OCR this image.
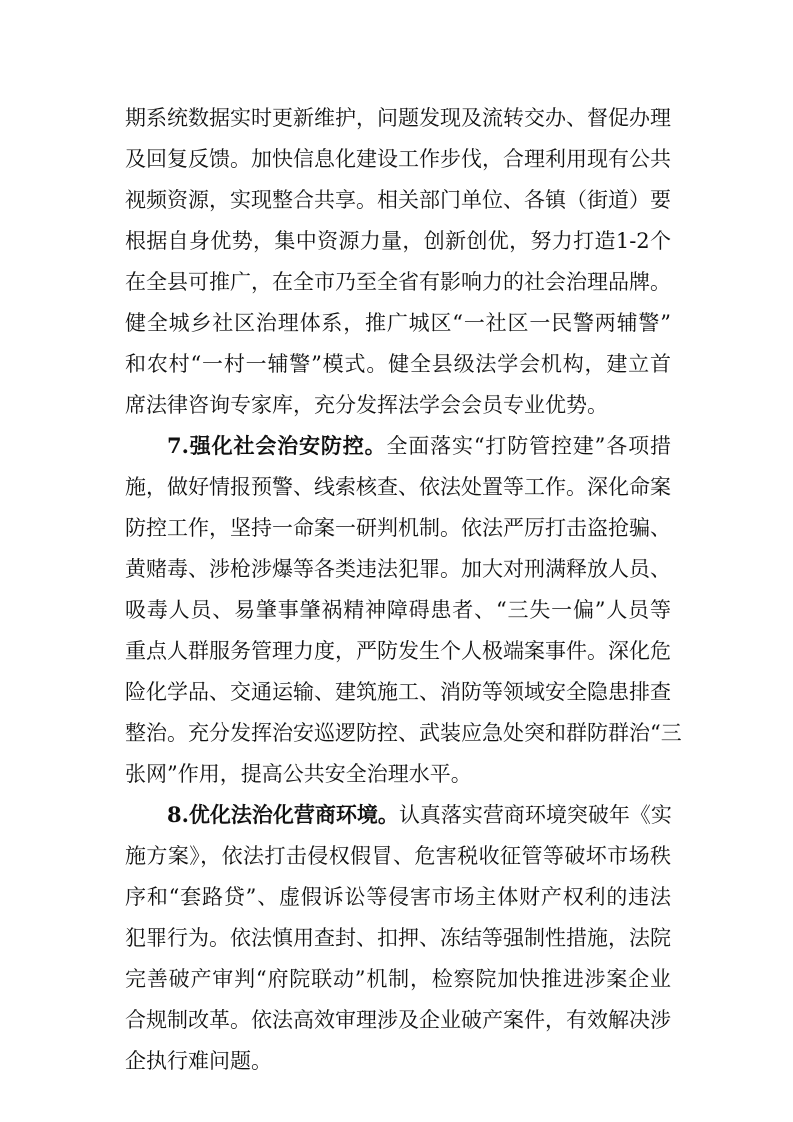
期系统数据实时更新维护，问题发现及流转交办、督促办理
及回复反馈。加快信息化建设工作步伐，合理利用现有公共
视频资源，实现整合共享。相关部门单位、各镇（街道）要
根据自身优势，集中资源力量，创新创优，努力打造1-2个
在全县可推广，在全市乃至全省有影响力的社会治理品牌。
健全城乡社区治理体系，推广城区“一社区一民警两辅警”
和农村“一村一辅警”模式。健全县级法学会机构，建立首
席法律咨询专家库，充分发挥法学会会员专业优势。
7.强化社会治安防控。全面落实“打防管控建”各项措
施，做好情报预警、线索核查、依法处置等工作。深化命案
防控工作，坚持一命案一研判机制。依法严厉打击盗抢骗、
黄赌毒、涉枪涉爆等各类违法犯罪。加大对刑满释放人员、
吸毒人员、易肇事肇祸精神障碍患者、“三失一偏”人员等
重点人群服务管理力度，严防发生个人极端案事件。深化危
险化学品、交通运输、建筑施工、消防等领域安全隐患排查
整治。充分发挥治安巡逻防控、武装应急处突和群防群治“三
张网”作用，提高公共安全治理水平。
8.优化法治化营商环境。认真落实营商环境突破年《实
施方案》，依法打击侵权假冒、危害税收征管等破坏市场秩
序和“套路贷”、虚假诉讼等侵害市场主体财产权利的违法
犯罪行为。依法慎用查封、扣押、冻结等强制性措施，法院
完善破产审判“府院联动”机制，检察院加快推进涉案企业
合规制改革。依法高效审理涉及企业破产案件，有效解决涉
企执行难问题。
